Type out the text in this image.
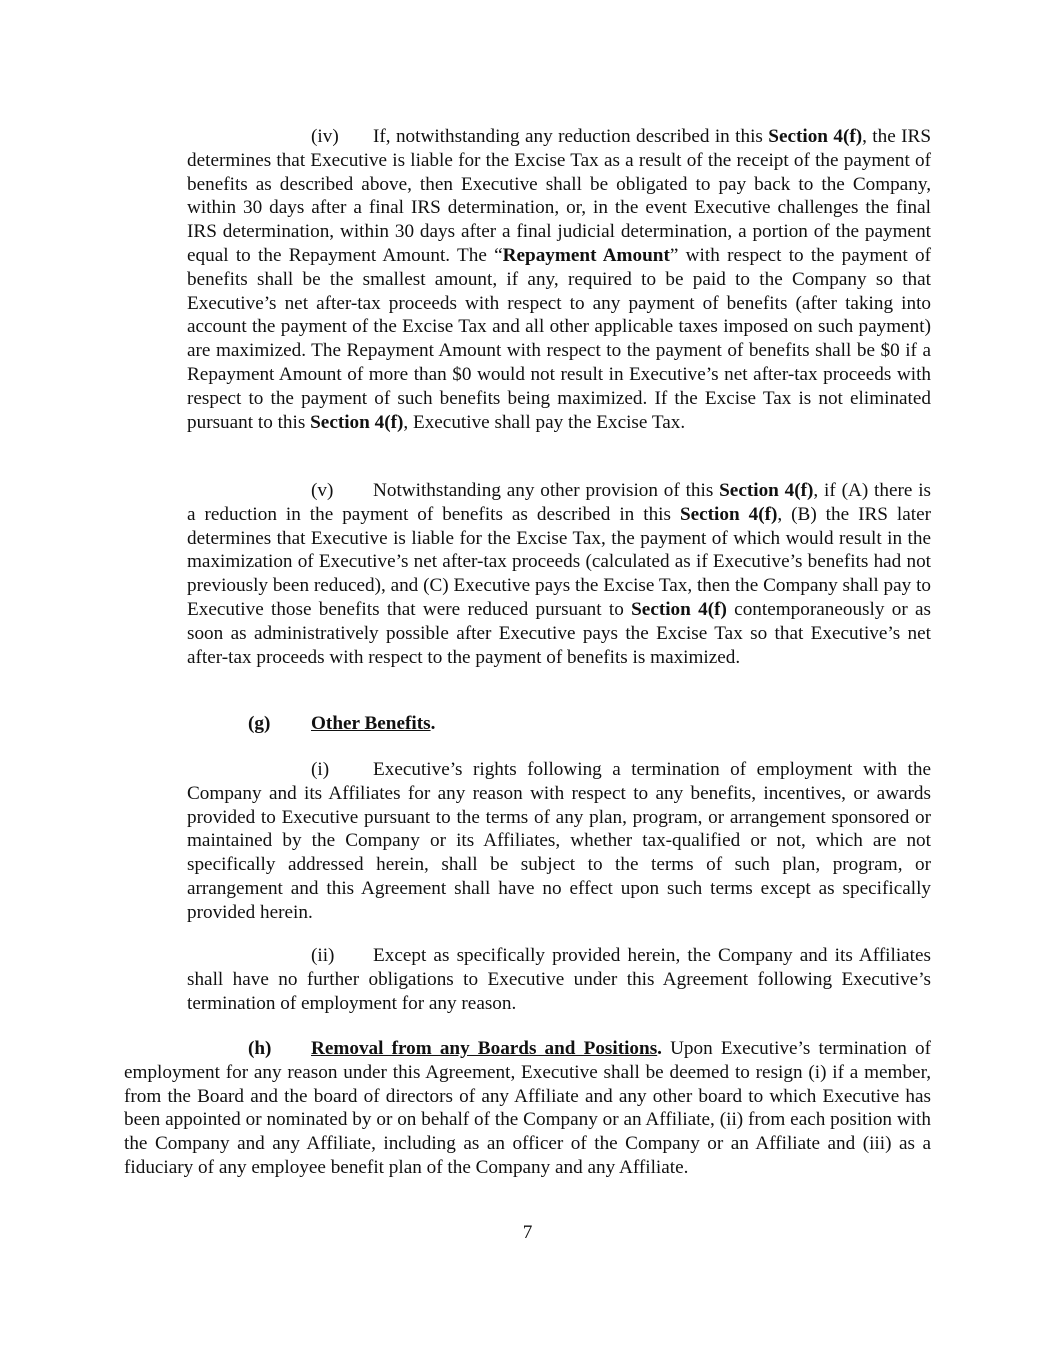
(iv) If, notwithstanding any reduction described in this Section 4(f), the IRS determines that Executive is liable for the Excise Tax as a result of the receipt of the payment of benefits as described above, then Executive shall be obligated to pay back to the Company, within 30 days after a final IRS determination, or, in the event Executive challenges the final IRS determination, within 30 days after a final judicial determination, a portion of the payment equal to the Repayment Amount. The “Repayment Amount” with respect to the payment of benefits shall be the smallest amount, if any, required to be paid to the Company so that Executive’s net after-tax proceeds with respect to any payment of benefits (after taking into account the payment of the Excise Tax and all other applicable taxes imposed on such payment) are maximized. The Repayment Amount with respect to the payment of benefits shall be $0 if a Repayment Amount of more than $0 would not result in Executive’s net after-tax proceeds with respect to the payment of such benefits being maximized. If the Excise Tax is not eliminated pursuant to this Section 4(f), Executive shall pay the Excise Tax.

(v) Notwithstanding any other provision of this Section 4(f), if (A) there is a reduction in the payment of benefits as described in this Section 4(f), (B) the IRS later determines that Executive is liable for the Excise Tax, the payment of which would result in the maximization of Executive’s net after-tax proceeds (calculated as if Executive’s benefits had not previously been reduced), and (C) Executive pays the Excise Tax, then the Company shall pay to Executive those benefits that were reduced pursuant to Section 4(f) contemporaneously or as soon as administratively possible after Executive pays the Excise Tax so that Executive’s net after-tax proceeds with respect to the payment of benefits is maximized.

(g) Other Benefits.

(i) Executive’s rights following a termination of employment with the Company and its Affiliates for any reason with respect to any benefits, incentives, or awards provided to Executive pursuant to the terms of any plan, program, or arrangement sponsored or maintained by the Company or its Affiliates, whether tax-qualified or not, which are not specifically addressed herein, shall be subject to the terms of such plan, program, or arrangement and this Agreement shall have no effect upon such terms except as specifically provided herein.

(ii) Except as specifically provided herein, the Company and its Affiliates shall have no further obligations to Executive under this Agreement following Executive’s termination of employment for any reason.

(h) Removal from any Boards and Positions. Upon Executive’s termination of employment for any reason under this Agreement, Executive shall be deemed to resign (i) if a member, from the Board and the board of directors of any Affiliate and any other board to which Executive has been appointed or nominated by or on behalf of the Company or an Affiliate, (ii) from each position with the Company and any Affiliate, including as an officer of the Company or an Affiliate and (iii) as a fiduciary of any employee benefit plan of the Company and any Affiliate.

7
